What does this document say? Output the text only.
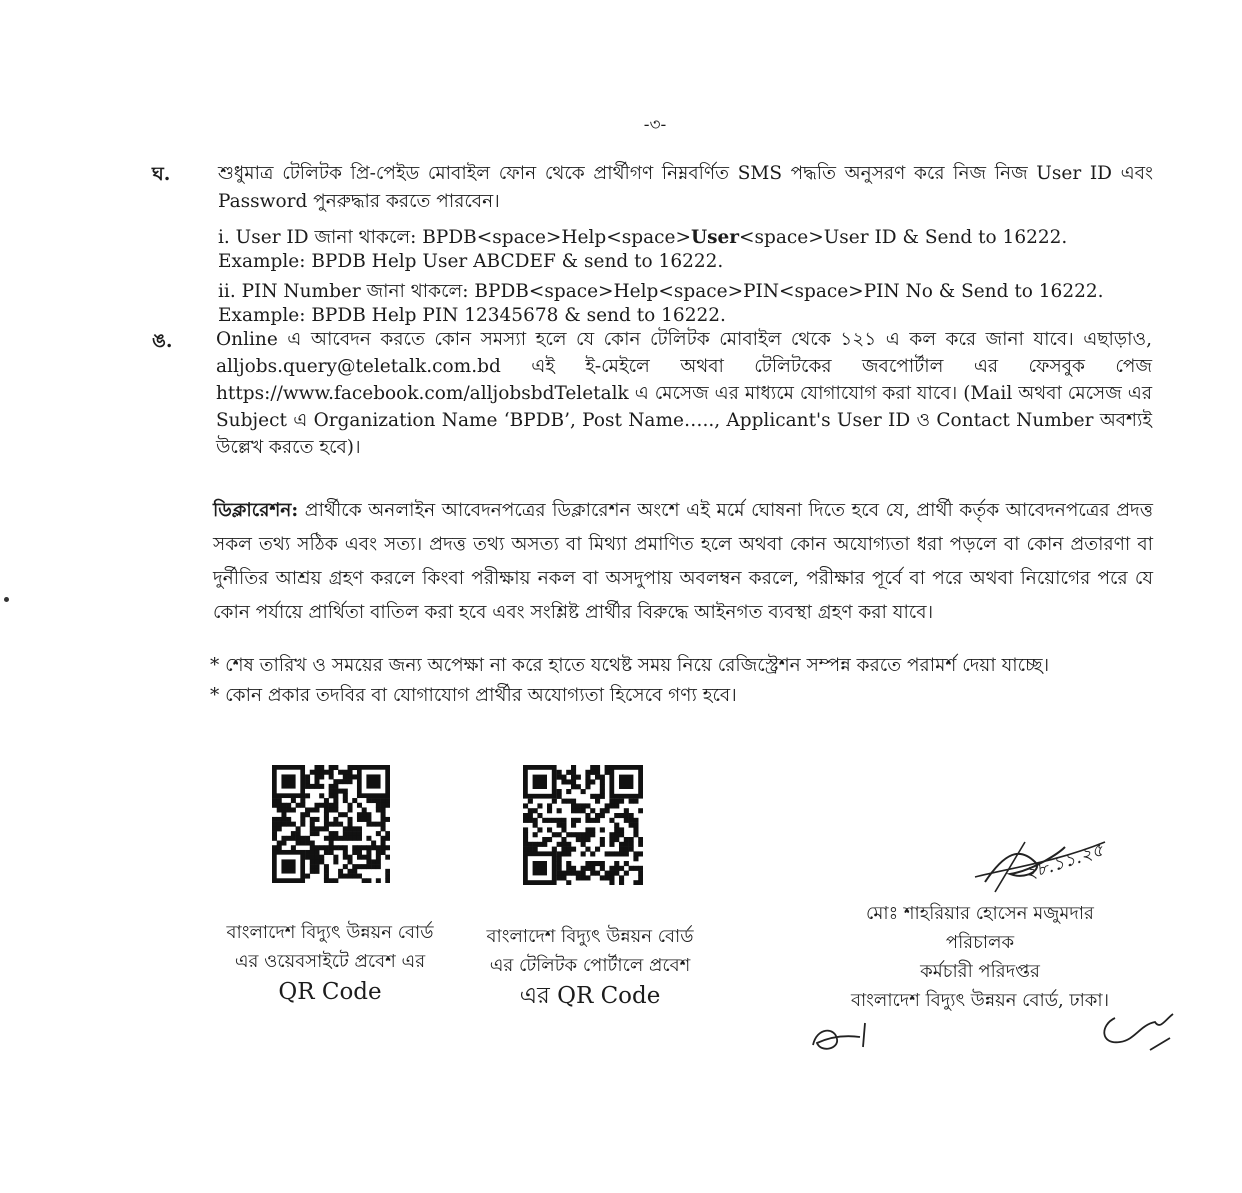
-৩-
ঘ.	শুধুমাত্র টেলিটক প্রি-পেইড মোবাইল ফোন থেকে প্রার্থীগণ নিম্নবর্ণিত SMS পদ্ধতি অনুসরণ করে নিজ নিজ User ID এবং Password পুনরুদ্ধার করতে পারবেন।

i. User ID জানা থাকলে: BPDB<space>Help<space>User<space>User ID & Send to 16222.

Example: BPDB Help User ABCDEF & send to 16222.

ii. PIN Number জানা থাকলে: BPDB<space>Help<space>PIN<space>PIN No & Send to 16222.

Example: BPDB Help PIN 12345678 & send to 16222.

ঙ. Online এ আবেদন করতে কোন সমস্যা হলে যে কোন টেলিটক মোবাইল থেকে ১২১ এ কল করে জানা যাবে। এছাড়াও, alljobs.query@teletalk.com.bd এই ই-মেইলে অথবা টেলিটকের জবপোর্টাল এর ফেসবুক পেজ https://www.facebook.com/alljobsbdTeletalk এ মেসেজ এর মাধ্যমে যোগাযোগ করা যাবে। (Mail অথবা মেসেজ এর Subject এ Organization Name ‘BPDB’, Post Name….., Applicant's User ID ও Contact Number অবশ্যই উল্লেখ করতে হবে)।
ডিক্লারেশন: প্রার্থীকে অনলাইন আবেদনপত্রের ডিক্লারেশন অংশে এই মর্মে ঘোষনা দিতে হবে যে, প্রার্থী কর্তৃক আবেদনপত্রের প্রদত্ত সকল তথ্য সঠিক এবং সত্য। প্রদত্ত তথ্য অসত্য বা মিথ্যা প্রমাণিত হলে অথবা কোন অযোগ্যতা ধরা পড়লে বা কোন প্রতারণা বা দুর্নীতির আশ্রয় গ্রহণ করলে কিংবা পরীক্ষায় নকল বা অসদুপায় অবলম্বন করলে, পরীক্ষার পূর্বে বা পরে অথবা নিয়োগের পরে যে কোন পর্যায়ে প্রার্থিতা বাতিল করা হবে এবং সংশ্লিষ্ট প্রার্থীর বিরুদ্ধে আইনগত ব্যবস্থা গ্রহণ করা যাবে।

* শেষ তারিখ ও সময়ের জন্য অপেক্ষা না করে হাতে যথেষ্ট সময় নিয়ে রেজিস্ট্রেশন সম্পন্ন করতে পরামর্শ দেয়া যাচ্ছে।

* কোন প্রকার তদবির বা যোগাযোগ প্রার্থীর অযোগ্যতা হিসেবে গণ্য হবে।

বাংলাদেশ বিদ্যুৎ উন্নয়ন বোর্ড
এর ওয়েবসাইটে প্রবেশ এর
QR Code
বাংলাদেশ বিদ্যুৎ উন্নয়ন বোর্ড
এর টেলিটক পোর্টালে প্রবেশ
এর QR Code
২৮.১১.২৫
মোঃ শাহরিয়ার হোসেন মজুমদার
পরিচালক
কর্মচারী পরিদপ্তর
বাংলাদেশ বিদ্যুৎ উন্নয়ন বোর্ড, ঢাকা।
